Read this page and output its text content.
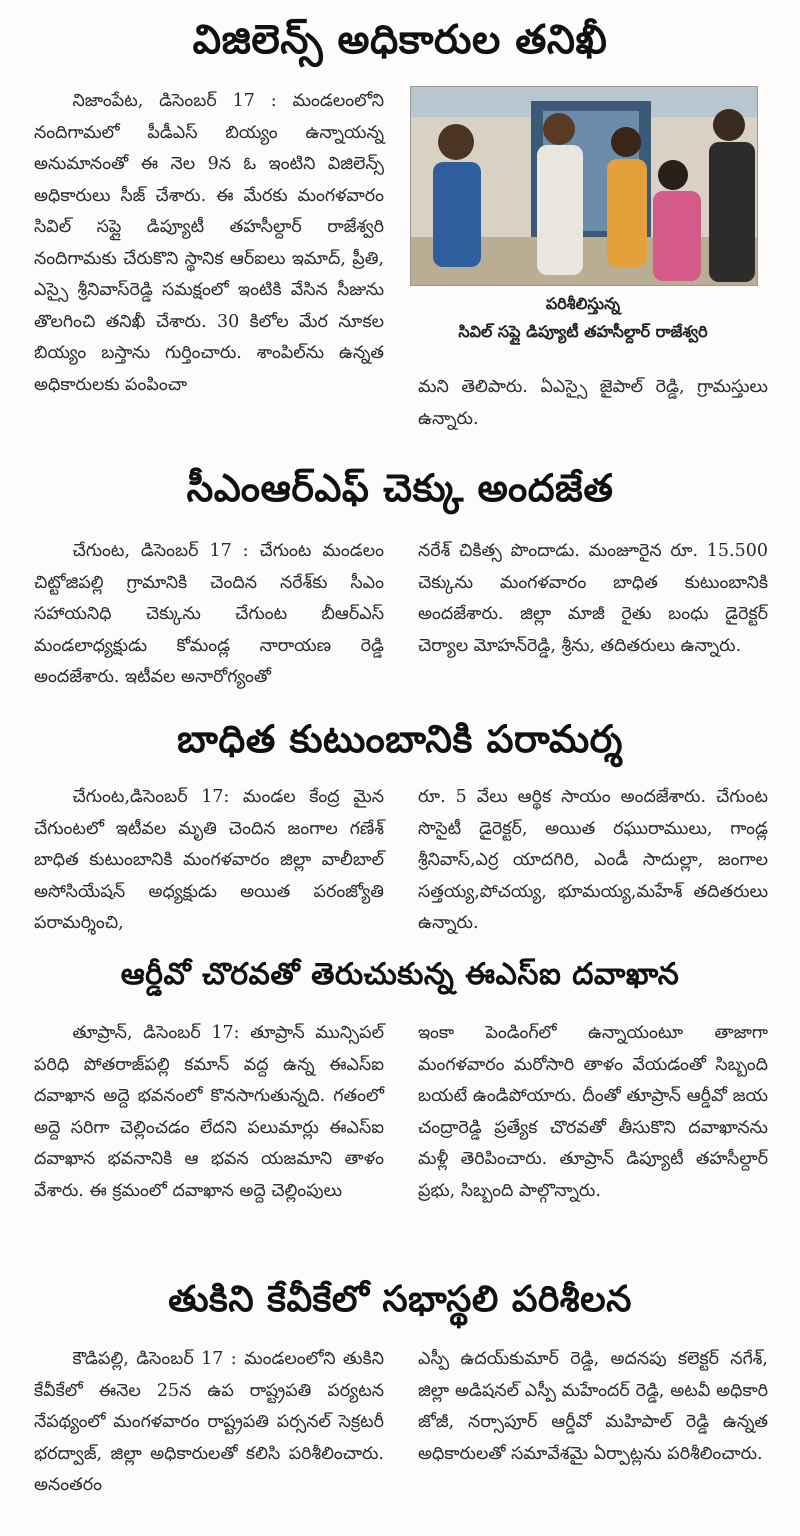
విజిలెన్స్‌ అధికారుల తనిఖీ

నిజాంపేట, డిసెంబర్‌ 17 : మండలంలోని నందిగామలో పీడీఎస్‌ బియ్యం ఉన్నాయన్న అనుమానంతో ఈ నెల 9న ఓ ఇంటిని విజిలెన్స్‌ అధికారులు సీజ్‌ చేశారు. ఈ మేరకు మంగళవారం సివిల్‌ సప్లై డిప్యూటీ తహసీల్దార్‌ రాజేశ్వరి నందిగామకు చేరుకొని స్థానిక ఆర్‌ఐలు ఇమాద్‌, ప్రీతి, ఎస్సై శ్రీనివాస్‌రెడ్డి సమక్షంలో ఇంటికి వేసిన సీజును తొలగించి తనిఖీ చేశారు. 30 కిలోల మేర నూకల బియ్యం బస్తాను గుర్తించారు. శాంపిల్‌ను ఉన్నత అధికారులకు పంపించా

పరిశీలిస్తున్న
సివిల్‌ సప్లై డిప్యూటీ తహసీల్దార్‌ రాజేశ్వరి

మని తెలిపారు. ఏఎస్సై జైపాల్‌ రెడ్డి, గ్రామస్తులు ఉన్నారు.

సీఎంఆర్‌ఎఫ్‌ చెక్కు అందజేత

చేగుంట, డిసెంబర్‌ 17 : చేగుంట మండలం చిట్టోజిపల్లి గ్రామానికి చెందిన నరేశ్‌కు సీఎం సహాయనిధి చెక్కును చేగుంట బీఆర్‌ఎస్‌ మండలాధ్యక్షుడు కోమండ్ల నారాయణ రెడ్డి అందజేశారు. ఇటీవల అనారోగ్యంతో

నరేశ్‌ చికిత్స పొందాడు. మంజూరైన రూ. 15.500 చెక్కును మంగళవారం బాధిత కుటుంబానికి అందజేశారు. జిల్లా మాజీ రైతు బంధు డైరెక్టర్‌ చెర్యాల మోహన్‌రెడ్డి, శ్రీను, తదితరులు ఉన్నారు.

బాధిత కుటుంబానికి పరామర్శ

చేగుంట,డిసెంబర్‌ 17: మండల కేంద్ర మైన చేగుంటలో ఇటీవల మృతి చెందిన జంగాల గణేశ్‌ బాధిత కుటుంబానికి మంగళవారం జిల్లా వాలీబాల్‌ అసోసియేషన్‌ అధ్యక్షుడు అయిత పరంజ్యోతి పరామర్శించి,

రూ. 5 వేలు ఆర్థిక సాయం అందజేశారు. చేగుంట సొసైటీ డైరెక్టర్‌, అయిత రఘురాములు, గాండ్ల శ్రీనివాస్‌,ఎర్ర యాదగిరి, ఎండీ సాదుల్లా, జంగాల సత్తయ్య,పోచయ్య, భూమయ్య,మహేశ్‌ తదితరులు ఉన్నారు.

ఆర్డీవో చొరవతో తెరుచుకున్న ఈఎస్‌ఐ దవాఖాన

తూప్రాన్‌, డిసెంబర్‌ 17: తూప్రాన్‌ మున్సిపల్‌ పరిధి పోతరాజ్‌పల్లి కమాన్‌ వద్ద ఉన్న ఈఎస్‌ఐ దవాఖాన అద్దె భవనంలో కొనసాగుతున్నది. గతంలో అద్దె సరిగా చెల్లించడం లేదని పలుమార్లు ఈఎస్‌ఐ దవాఖాన భవనానికి ఆ భవన యజమాని తాళం వేశారు. ఈ క్రమంలో దవాఖాన అద్దె చెల్లింపులు

ఇంకా పెండింగ్‌లో ఉన్నాయంటూ తాజాగా మంగళవారం మరోసారి తాళం వేయడంతో సిబ్బంది బయటే ఉండిపోయారు. దీంతో తూప్రాన్‌ ఆర్డీవో జయ చంద్రారెడ్డి ప్రత్యేక చొరవతో తీసుకొని దవాఖానను మళ్లీ తెరిపించారు. తూప్రాన్‌ డిప్యూటీ తహసీల్దార్‌ ప్రభు, సిబ్బంది పాల్గొన్నారు.

తుకిని కేవీకేలో సభాస్థలి పరిశీలన

కౌడిపల్లి, డిసెంబర్‌ 17 : మండలంలోని తుకిని కేవీకేలో ఈనెల 25న ఉప రాష్ట్రపతి పర్యటన నేపథ్యంలో మంగళవారం రాష్ట్రపతి పర్సనల్‌ సెక్రటరీ భరద్వాజ్‌, జిల్లా అధికారులతో కలిసి పరిశీలించారు. అనంతరం

ఎస్పీ ఉదయ్‌కుమార్‌ రెడ్డి, అదనపు కలెక్టర్‌ నగేశ్‌, జిల్లా అడిషనల్‌ ఎస్పీ మహేందర్‌ రెడ్డి, అటవీ అధికారి జోజీ, నర్సాపూర్‌ ఆర్డీవో మహిపాల్‌ రెడ్డి ఉన్నత అధికారులతో సమావేశమై ఏర్పాట్లను పరిశీలించారు.
